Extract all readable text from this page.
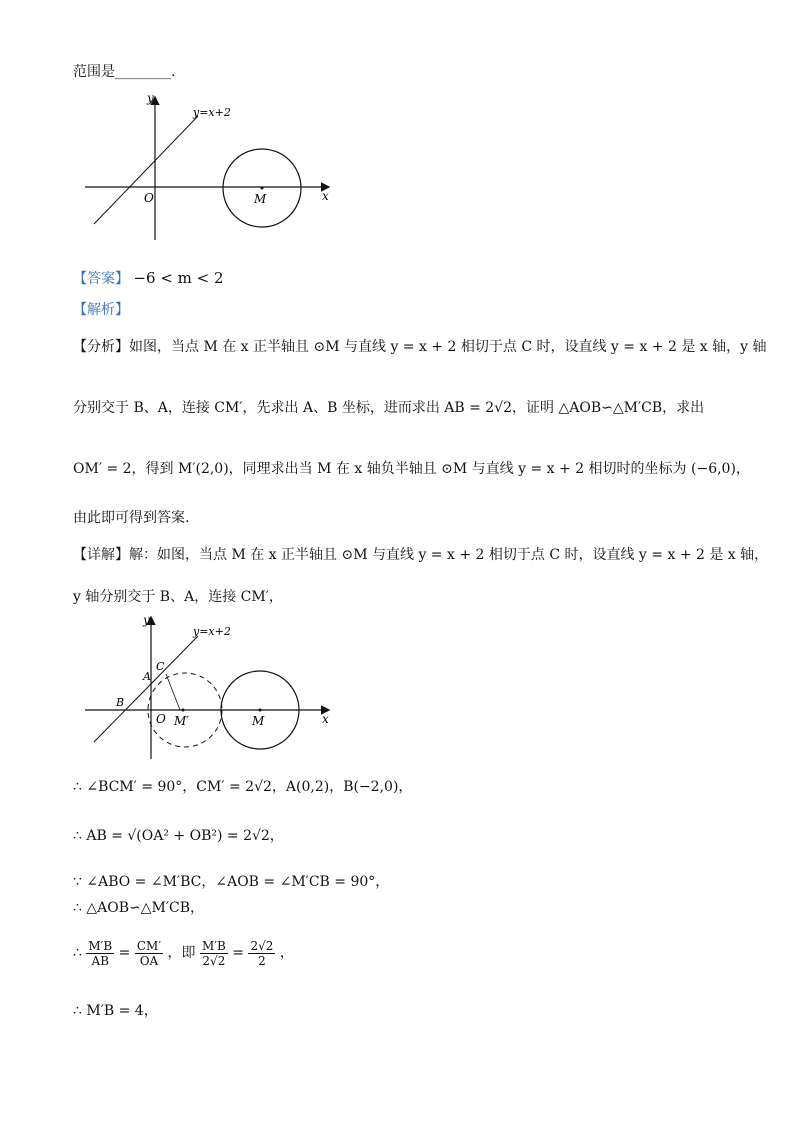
范围是________.
y
x
O	M
y=x+2
【答案】 −6 < m < 2
【解析】
【分析】如图，当点 M 在 x 正半轴且 ⊙M 与直线 y = x + 2 相切于点 C 时，设直线 y = x + 2 是 x 轴，y 轴
分别交于 B、A，连接 CM′，先求出 A、B 坐标，进而求出 AB = 2√2，证明 △AOB∽△M′CB，求出
OM′ = 2，得到 M′(2,0)，同理求出当 M 在 x 轴负半轴且 ⊙M 与直线 y = x + 2 相切时的坐标为 (−6,0)，
由此即可得到答案.
【详解】解：如图，当点 M 在 x 正半轴且 ⊙M 与直线 y = x + 2 相切于点 C 时，设直线 y = x + 2 是 x 轴，
y 轴分别交于 B、A，连接 CM′，
y
x
O
y=x+2
A
B
C
M
M′
∴ ∠BCM′ = 90°，CM′ = 2√2，A(0,2)，B(−2,0)，
∴ AB = √(OA² + OB²) = 2√2，
∵ ∠ABO = ∠M′BC，∠AOB = ∠M′CB = 90°，
∴ △AOB∽△M′CB，
∴ $\frac{M'B}{AB} = \frac{CM'}{OA}$ ，即 $\frac{M'B}{2√2} = \frac{2√2}{2}$ ，
∴ M′B = 4，
